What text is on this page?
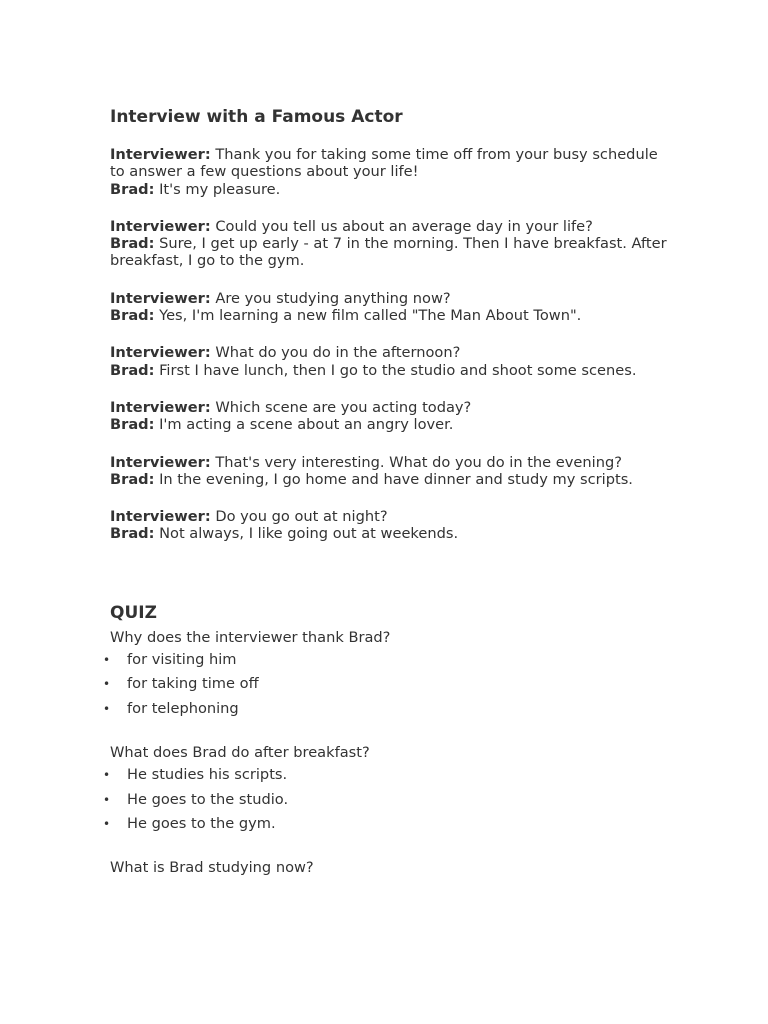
Interview with a Famous Actor

Interviewer: Thank you for taking some time off from your busy schedule to answer a few questions about your life!

Brad: It's my pleasure.

Interviewer: Could you tell us about an average day in your life?

Brad: Sure, I get up early - at 7 in the morning. Then I have breakfast. After breakfast, I go to the gym.

Interviewer: Are you studying anything now?

Brad: Yes, I'm learning a new film called "The Man About Town".

Interviewer: What do you do in the afternoon?

Brad: First I have lunch, then I go to the studio and shoot some scenes.

Interviewer: Which scene are you acting today?

Brad: I'm acting a scene about an angry lover.

Interviewer: That's very interesting. What do you do in the evening?

Brad: In the evening, I go home and have dinner and study my scripts.

Interviewer: Do you go out at night?

Brad: Not always, I like going out at weekends.

QUIZ
Why does the interviewer thank Brad?
• for visiting him
• for taking time off
• for telephoning
What does Brad do after breakfast?
• He studies his scripts.
• He goes to the studio.
• He goes to the gym.
What is Brad studying now?
